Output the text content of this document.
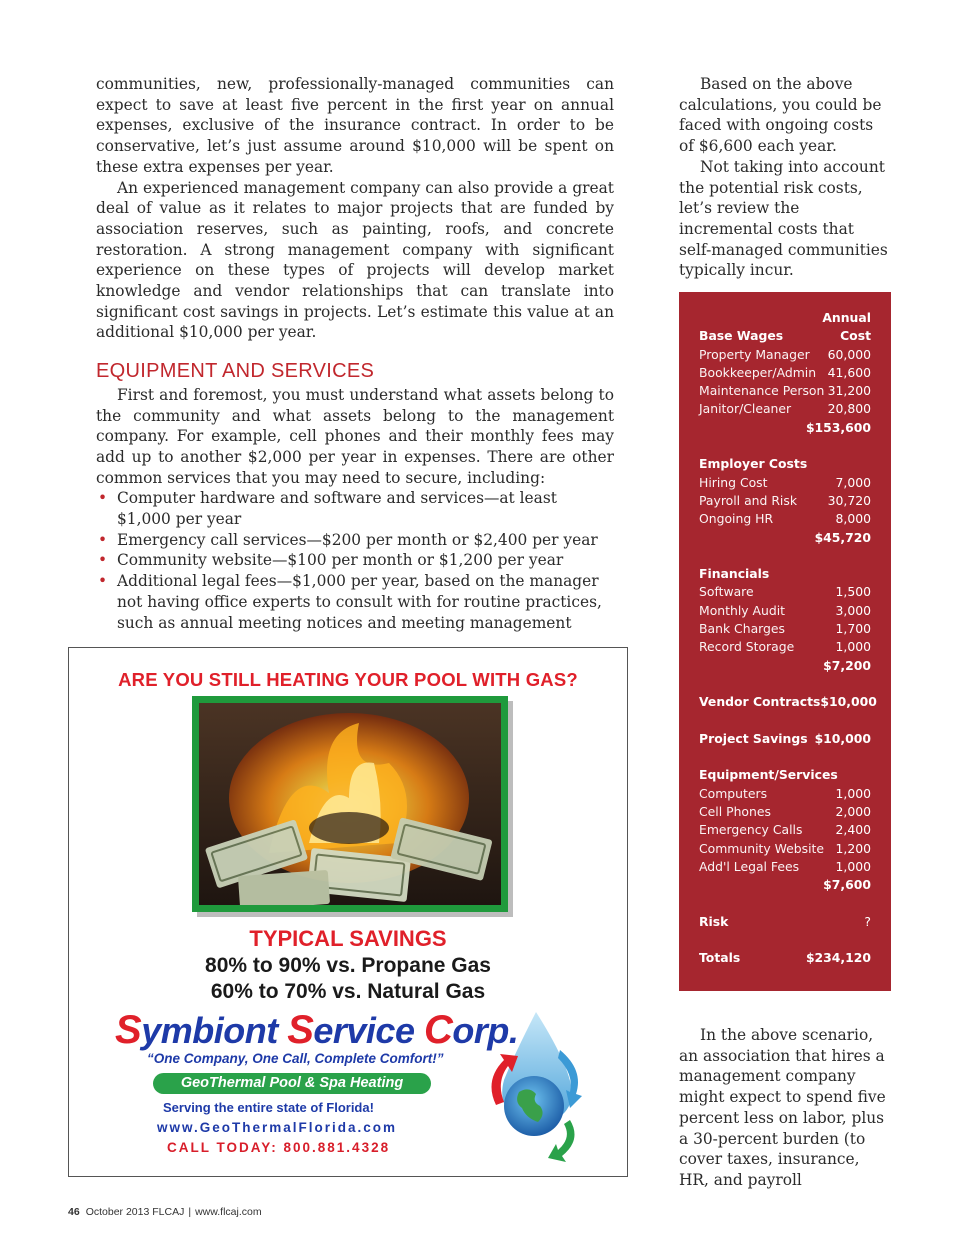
communities, new, professionally-managed communities can expect to save at least five percent in the first year on annual expenses, exclusive of the insurance contract. In order to be conservative, let’s just assume around $10,000 will be spent on these extra expenses per year.

An experienced management company can also provide a great deal of value as it relates to major projects that are funded by association reserves, such as painting, roofs, and concrete restoration. A strong management company with significant experience on these types of projects will develop market knowledge and vendor relationships that can translate into significant cost savings in projects. Let’s estimate this value at an additional $10,000 per year.

EQUIPMENT AND SERVICES

First and foremost, you must understand what assets belong to the community and what assets belong to the management company. For example, cell phones and their monthly fees may add up to another $2,000 per year in expenses. There are other common services that you may need to secure, including:

• Computer hardware and software and services—at least $1,000 per year
• Emergency call services—$200 per month or $2,400 per year
• Community website—$100 per month or $1,200 per year
• Additional legal fees—$1,000 per year, based on the manager not having office experts to consult with for routine practices, such as annual meeting notices and meeting management

Based on the above calculations, you could be faced with ongoing costs of $6,600 each year.

Not taking into account the potential risk costs, let’s review the incremental costs that self-managed communities typically incur.

Annual
Base Wages	Cost
Property Manager 60,000
Bookkeeper/Admin 41,600
Maintenance Person 31,200
Janitor/Cleaner	20,800
$153,600
Employer Costs
Hiring Cost	7,000
Payroll and Risk 30,720
Ongoing HR	8,000
$45,720
Financials
Software	1,500
Monthly Audit	3,000
Bank Charges	1,700
Record Storage	1,000
$7,200
Vendor Contracts $10,000
Project Savings $10,000
Equipment/Services
Computers	1,000
Cell Phones	2,000
Emergency Calls	2,400
Community Website 1,200
Add'l Legal Fees	1,000
$7,600
Risk	?
Totals	$234,120

In the above scenario, an association that hires a management company might expect to spend five percent less on labor, plus a 30-percent burden (to cover taxes, insurance, HR, and payroll

ARE YOU STILL HEATING YOUR POOL WITH GAS?
TYPICAL SAVINGS
80% to 90% vs. Propane Gas
60% to 70% vs. Natural Gas
Symbiont Service Corp.
“One Company, One Call, Complete Comfort!”
GeoThermal Pool & Spa Heating
Serving the entire state of Florida!
www.GeoThermalFlorida.com
CALL TODAY: 800.881.4328
46 October 2013 FLCAJ | www.flcaj.com
